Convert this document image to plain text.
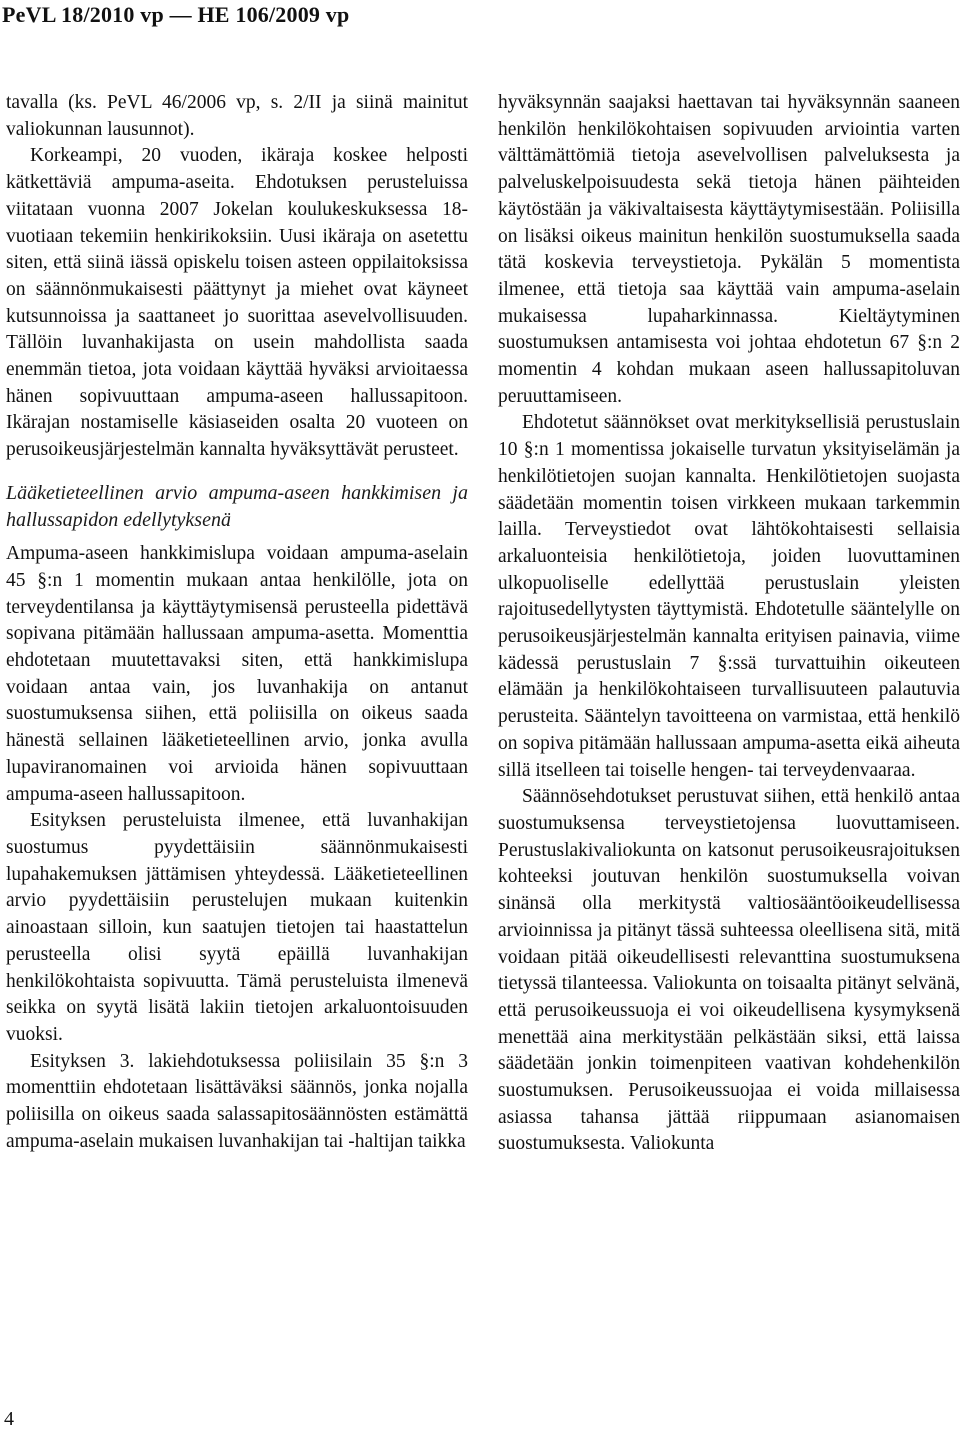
PeVL 18/2010 vp — HE 106/2009 vp

tavalla (ks. PeVL 46/2006 vp, s. 2/II ja siinä mainitut valiokunnan lausunnot).

Korkeampi, 20 vuoden, ikäraja koskee helposti kätkettäviä ampuma-aseita. Ehdotuksen perusteluissa viitataan vuonna 2007 Jokelan koulukeskuksessa 18-vuotiaan tekemiin henkirikoksiin. Uusi ikäraja on asetettu siten, että siinä iässä opiskelu toisen asteen oppilaitoksissa on säännönmukaisesti päättynyt ja miehet ovat käyneet kutsunnoissa ja saattaneet jo suorittaa asevelvollisuuden. Tällöin luvanhakijasta on usein mahdollista saada enemmän tietoa, jota voidaan käyttää hyväksi arvioitaessa hänen sopivuuttaan ampuma-aseen hallussapitoon. Ikärajan nostamiselle käsiaseiden osalta 20 vuoteen on perusoikeusjärjestelmän kannalta hyväksyttävät perusteet.

Lääketieteellinen arvio ampuma-aseen hankkimisen ja hallussapidon edellytyksenä

Ampuma-aseen hankkimislupa voidaan ampuma-aselain 45 §:n 1 momentin mukaan antaa henkilölle, jota on terveydentilansa ja käyttäytymisensä perusteella pidettävä sopivana pitämään hallussaan ampuma-asetta. Momenttia ehdotetaan muutettavaksi siten, että hankkimislupa voidaan antaa vain, jos luvanhakija on antanut suostumuksensa siihen, että poliisilla on oikeus saada hänestä sellainen lääketieteellinen arvio, jonka avulla lupaviranomainen voi arvioida hänen sopivuuttaan ampuma-aseen hallussapitoon.

Esityksen perusteluista ilmenee, että luvanhakijan suostumus pyydettäisiin säännönmukaisesti lupahakemuksen jättämisen yhteydessä. Lääketieteellinen arvio pyydettäisiin perustelujen mukaan kuitenkin ainoastaan silloin, kun saatujen tietojen tai haastattelun perusteella olisi syytä epäillä luvanhakijan henkilökohtaista sopivuutta. Tämä perusteluista ilmenevä seikka on syytä lisätä lakiin tietojen arkaluontoisuuden vuoksi.

Esityksen 3. lakiehdotuksessa poliisilain 35 §:n 3 momenttiin ehdotetaan lisättäväksi säännös, jonka nojalla poliisilla on oikeus saada salassapitosäännösten estämättä ampuma-aselain mukaisen luvanhakijan tai -haltijan taikka

hyväksynnän saajaksi haettavan tai hyväksynnän saaneen henkilön henkilökohtaisen sopivuuden arviointia varten välttämättömiä tietoja asevelvollisen palveluksesta ja palveluskelpoisuudesta sekä tietoja hänen päihteiden käytöstään ja väkivaltaisesta käyttäytymisestään. Poliisilla on lisäksi oikeus mainitun henkilön suostumuksella saada tätä koskevia terveystietoja. Pykälän 5 momentista ilmenee, että tietoja saa käyttää vain ampuma-aselain mukaisessa lupaharkinnassa. Kieltäytyminen suostumuksen antamisesta voi johtaa ehdotetun 67 §:n 2 momentin 4 kohdan mukaan aseen hallussapitoluvan peruuttamiseen.

Ehdotetut säännökset ovat merkityksellisiä perustuslain 10 §:n 1 momentissa jokaiselle turvatun yksityiselämän ja henkilötietojen suojan kannalta. Henkilötietojen suojasta säädetään momentin toisen virkkeen mukaan tarkemmin lailla. Terveystiedot ovat lähtökohtaisesti sellaisia arkaluonteisia henkilötietoja, joiden luovuttaminen ulkopuoliselle edellyttää perustuslain yleisten rajoitusedellytysten täyttymistä. Ehdotetulle sääntelylle on perusoikeusjärjestelmän kannalta erityisen painavia, viime kädessä perustuslain 7 §:ssä turvattuihin oikeuteen elämään ja henkilökohtaiseen turvallisuuteen palautuvia perusteita. Sääntelyn tavoitteena on varmistaa, että henkilö on sopiva pitämään hallussaan ampuma-asetta eikä aiheuta sillä itselleen tai toiselle hengen- tai terveydenvaaraa.

Säännösehdotukset perustuvat siihen, että henkilö antaa suostumuksensa terveystietojensa luovuttamiseen. Perustuslakivaliokunta on katsonut perusoikeusrajoituksen kohteeksi joutuvan henkilön suostumuksella voivan sinänsä olla merkitystä valtiosääntöoikeudellisessa arvioinnissa ja pitänyt tässä suhteessa oleellisena sitä, mitä voidaan pitää oikeudellisesti relevanttina suostumuksena tietyssä tilanteessa. Valiokunta on toisaalta pitänyt selvänä, että perusoikeussuoja ei voi oikeudellisena kysymyksenä menettää aina merkitystään pelkästään siksi, että laissa säädetään jonkin toimenpiteen vaativan kohdehenkilön suostumuksen. Perusoikeussuojaa ei voida millaisessa asiassa tahansa jättää riippumaan asianomaisen suostumuksesta. Valiokunta

4
